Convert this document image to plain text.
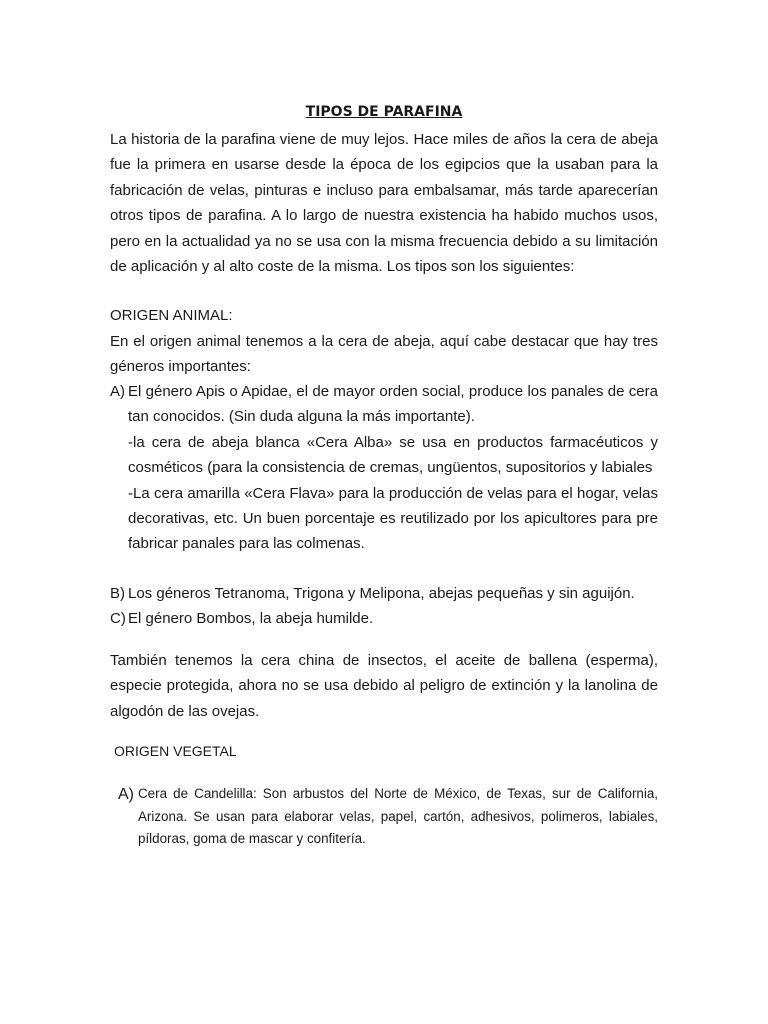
TIPOS DE PARAFINA

La historia de la parafina viene de muy lejos. Hace miles de años la cera de abeja fue la primera en usarse desde la época de los egipcios que la usaban para la fabricación de velas, pinturas e incluso para embalsamar, más tarde aparecerían otros tipos de parafina. A lo largo de nuestra existencia ha habido muchos usos, pero en la actualidad ya no se usa con la misma frecuencia debido a su limitación de aplicación y al alto coste de la misma. Los tipos son los siguientes:

ORIGEN ANIMAL:

En el origen animal tenemos a la cera de abeja, aquí cabe destacar que hay tres géneros importantes:

A) El género Apis o Apidae, el de mayor orden social, produce los panales de cera tan conocidos. (Sin duda alguna la más importante).

-la cera de abeja blanca «Cera Alba» se usa en productos farmacéuticos y cosméticos (para la consistencia de cremas, ungüentos, supositorios y labiales

-La cera amarilla «Cera Flava» para la producción de velas para el hogar, velas decorativas, etc. Un buen porcentaje es reutilizado por los apicultores para pre fabricar panales para las colmenas.

B) Los géneros Tetranoma, Trigona y Melipona, abejas pequeñas y sin aguijón.

C) El género Bombos, la abeja humilde.

También tenemos la cera china de insectos, el aceite de ballena (esperma), especie protegida, ahora no se usa debido al peligro de extinción y la lanolina de algodón de las ovejas.

ORIGEN VEGETAL

A) Cera de Candelilla: Son arbustos del Norte de México, de Texas, sur de California, Arizona. Se usan para elaborar velas, papel, cartón, adhesivos, polimeros, labiales, píldoras, goma de mascar y confitería.
